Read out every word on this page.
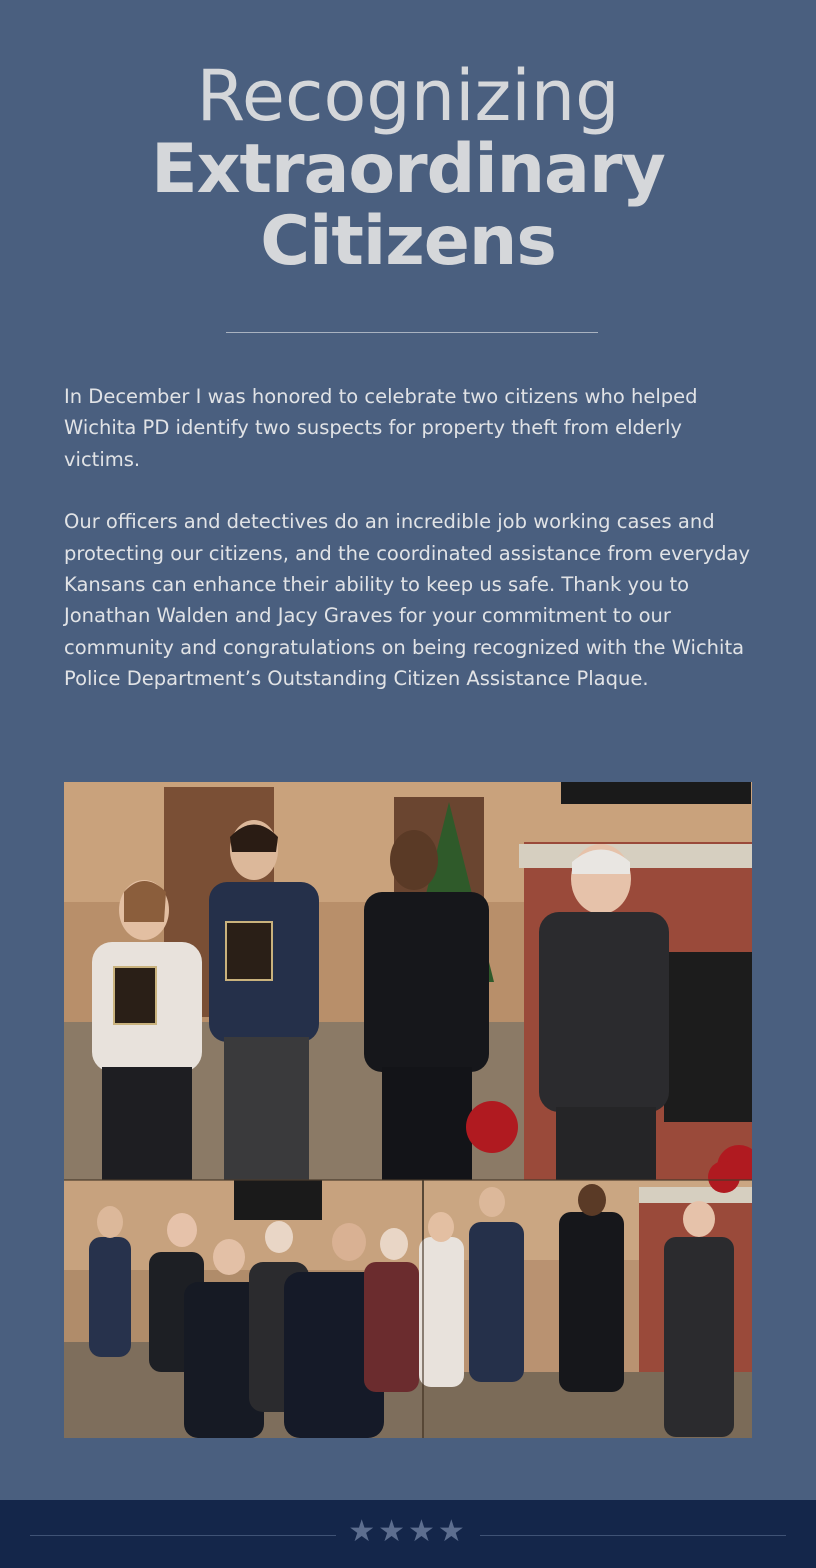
Recognizing
Extraordinary
Citizens

In December I was honored to celebrate two citizens who helped Wichita PD identify two suspects for property theft from elderly victims.

Our officers and detectives do an incredible job working cases and protecting our citizens, and the coordinated assistance from everyday Kansans can enhance their ability to keep us safe. Thank you to Jonathan Walden and Jacy Graves for your commitment to our community and congratulations on being recognized with the Wichita Police Department’s Outstanding Citizen Assistance Plaque.

★★★★
